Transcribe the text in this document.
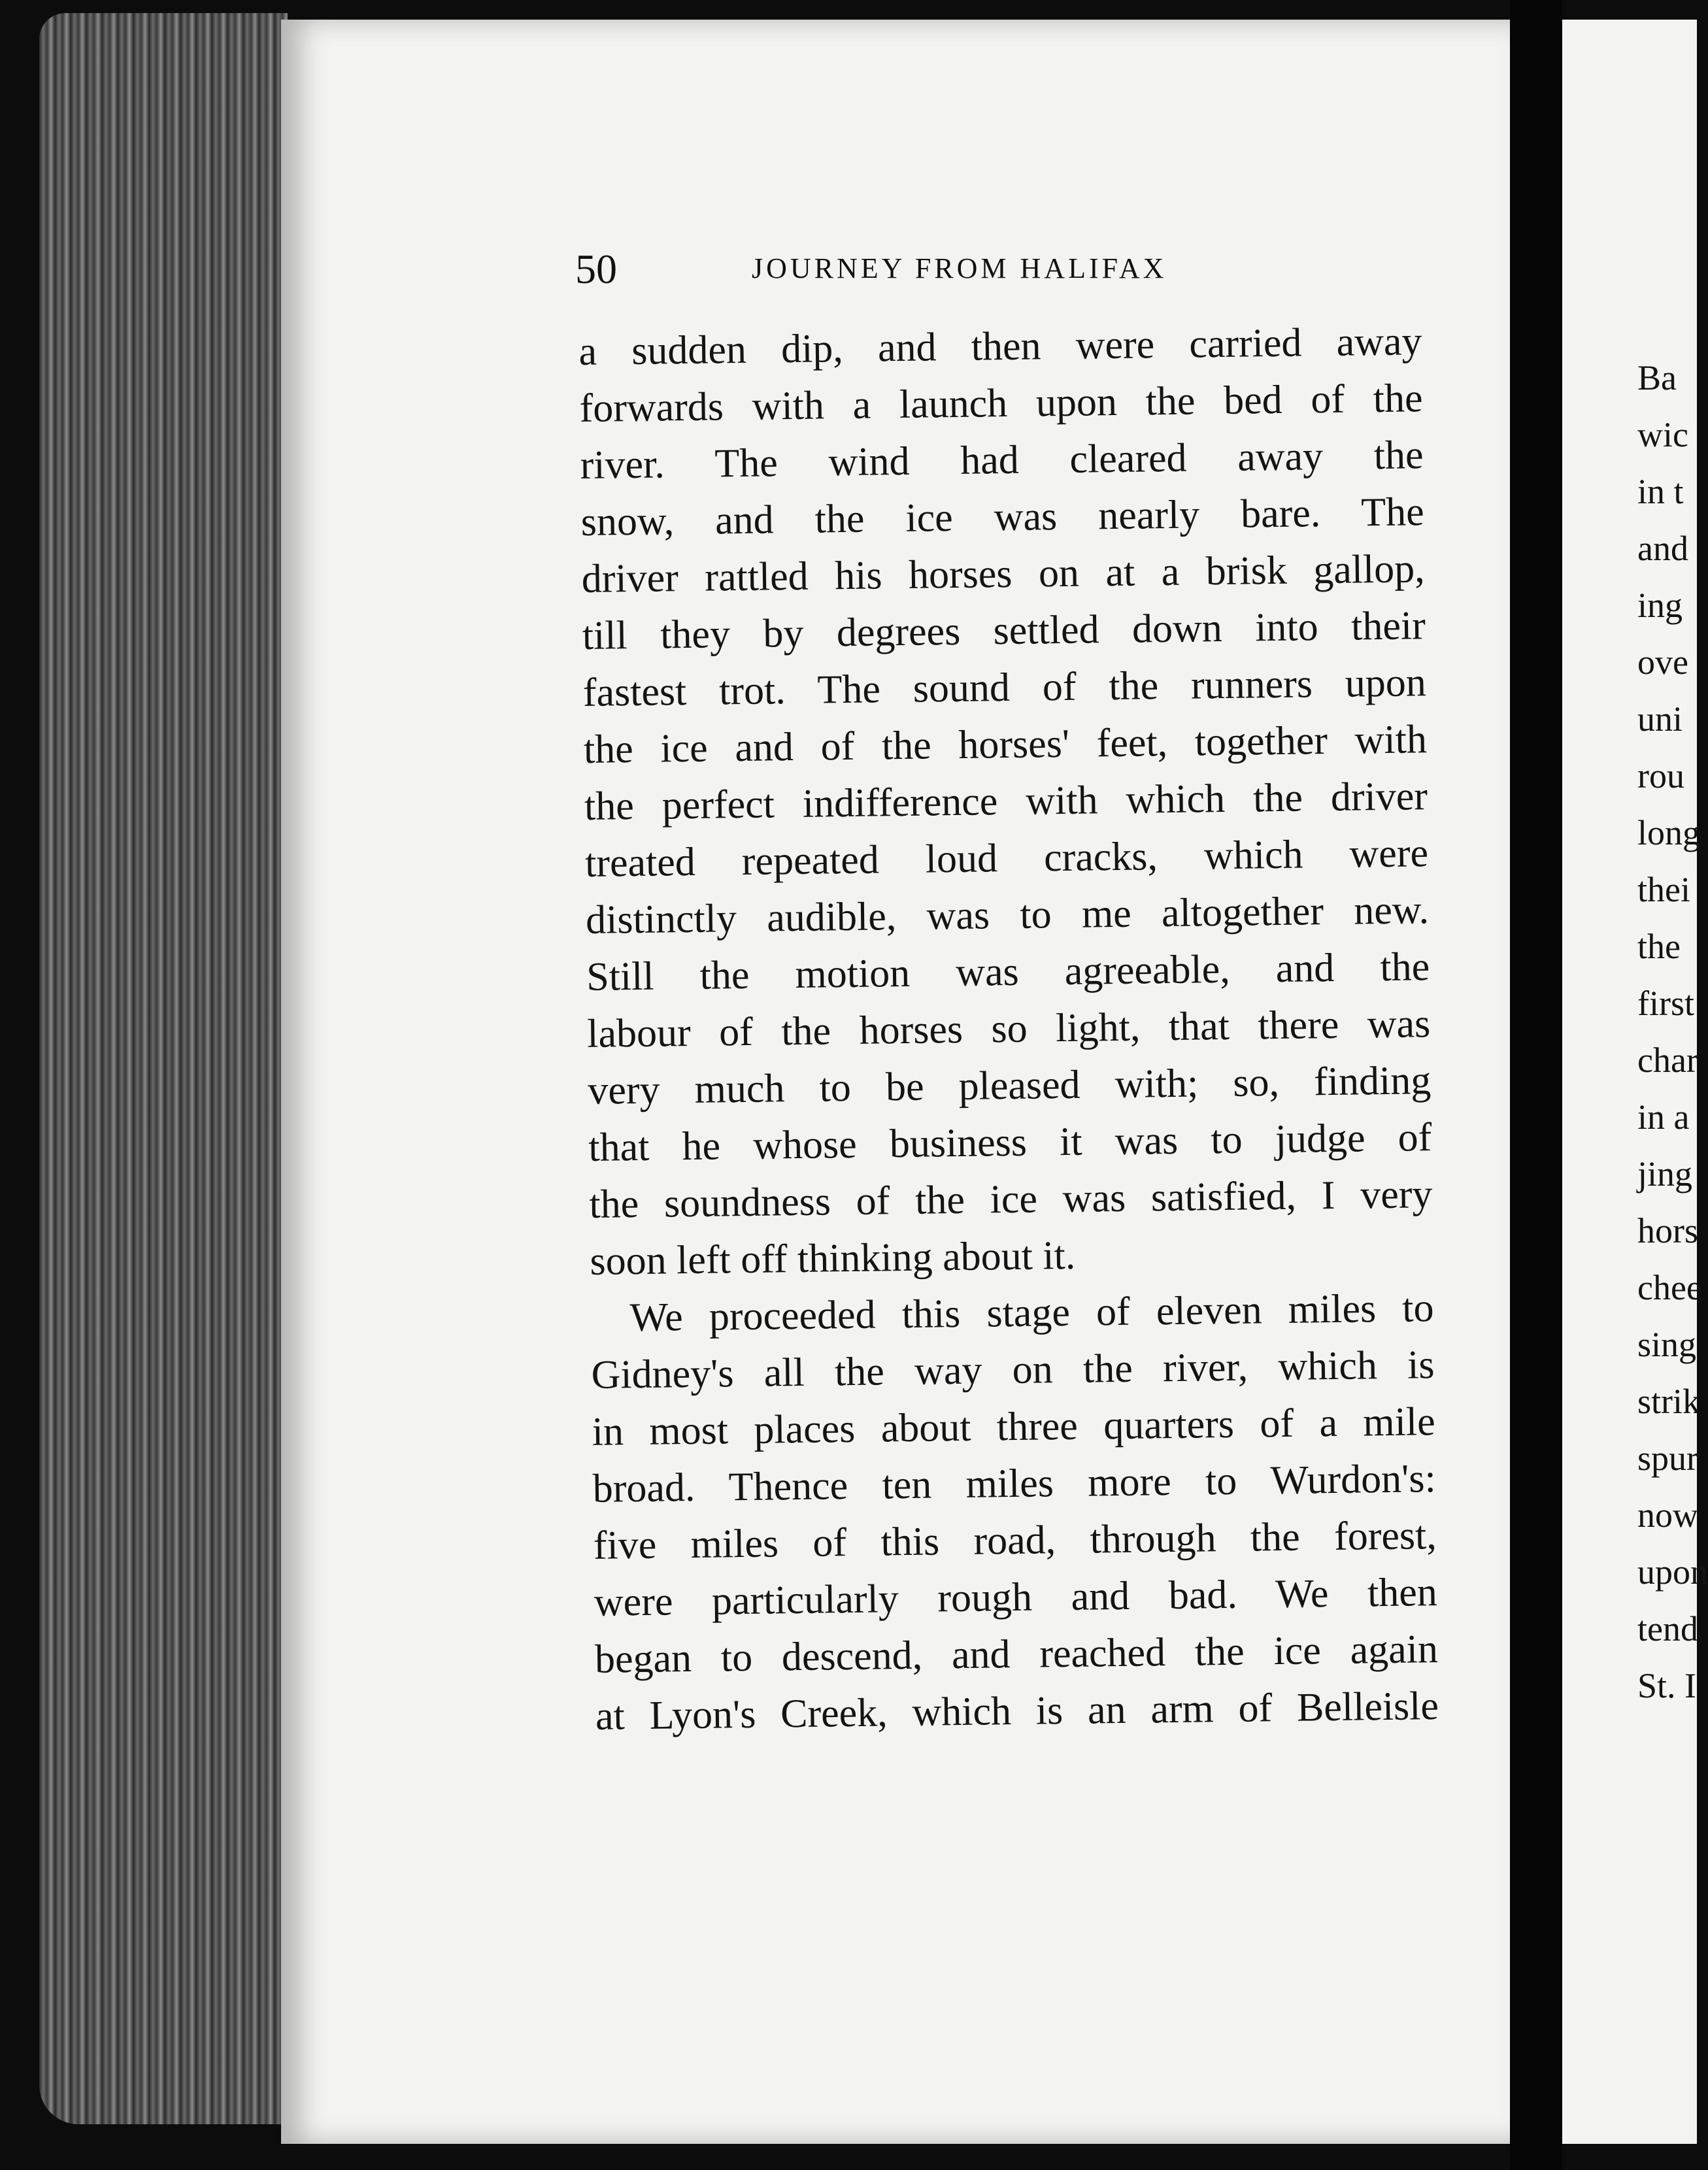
50	JOURNEY FROM HALIFAX
a sudden dip, and then were carried away
forwards with a launch upon the bed of the
river. The wind had cleared away the
snow, and the ice was nearly bare. The
driver rattled his horses on at a brisk gallop,
till they by degrees settled down into their
fastest trot. The sound of the runners upon
the ice and of the horses' feet, together with
the perfect indifference with which the driver
treated repeated loud cracks, which were
distinctly audible, was to me altogether new.
Still the motion was agreeable, and the
labour of the horses so light, that there was
very much to be pleased with; so, finding
that he whose business it was to judge of
the soundness of the ice was satisfied, I very
soon left off thinking about it.
We proceeded this stage of eleven miles to
Gidney's all the way on the river, which is
in most places about three quarters of a mile
broad. Thence ten miles more to Wurdon's:
five miles of this road, through the forest,
were particularly rough and bad. We then
began to descend, and reached the ice again
at Lyon's Creek, which is an arm of Belleisle
Ba
wic
in t
and
ing
ove
uni
rou
long
thei
the
first
char
in a
jing
hors
chee
sing
strik
spur
now
upon
tend
St. I
